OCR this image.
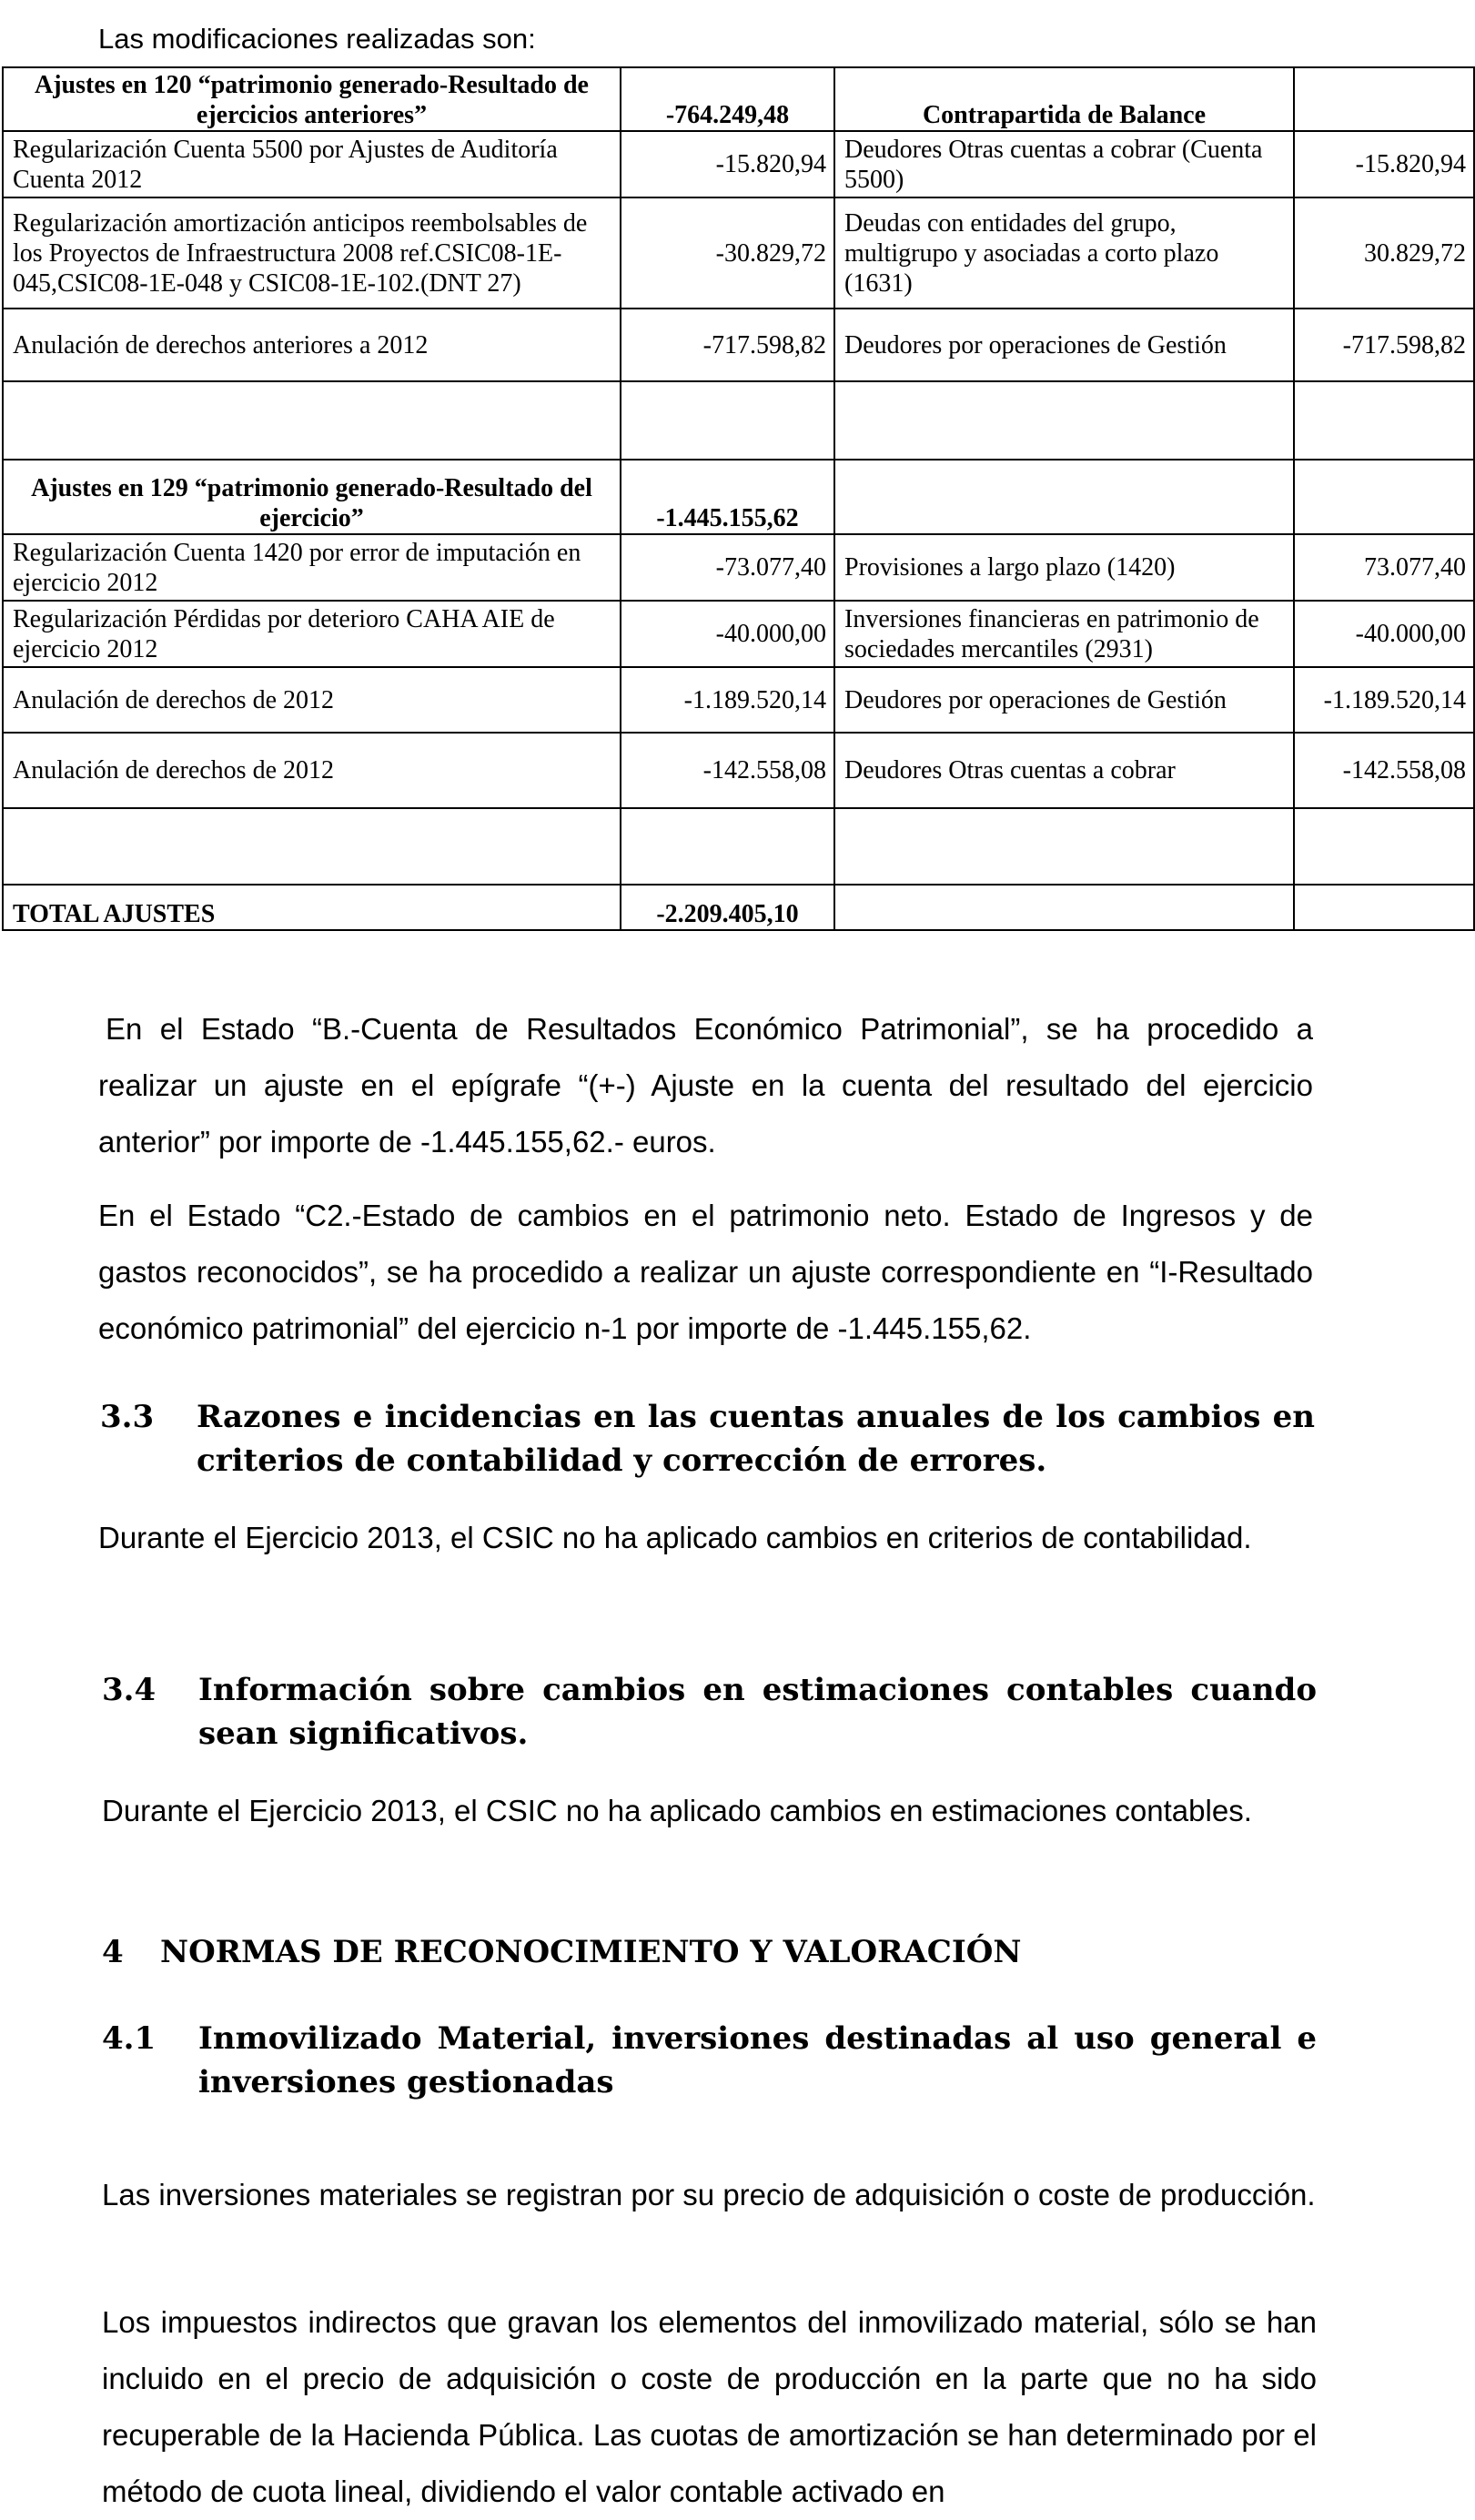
Las modificaciones realizadas son:

Ajustes en 120 “patrimonio generado-Resultado de ejercicios anteriores”	-764.249,48	Contrapartida de Balance	
Regularización Cuenta 5500 por Ajustes de Auditoría Cuenta 2012	-15.820,94	Deudores Otras cuentas a cobrar (Cuenta 5500)	-15.820,94
Regularización amortización anticipos reembolsables de los Proyectos de Infraestructura 2008 ref.CSIC08-1E-045,CSIC08-1E-048 y CSIC08-1E-102.(DNT 27)	-30.829,72	Deudas con entidades del grupo, multigrupo y asociadas a corto plazo (1631)	30.829,72
Anulación de derechos anteriores a 2012	-717.598,82	Deudores por operaciones de Gestión	-717.598,82

Ajustes en 129 “patrimonio generado-Resultado del ejercicio”	-1.445.155,62		
Regularización Cuenta 1420 por error de imputación en ejercicio 2012	-73.077,40	Provisiones a largo plazo (1420)	73.077,40
Regularización Pérdidas por deterioro CAHA AIE de ejercicio 2012	-40.000,00	Inversiones financieras en patrimonio de sociedades mercantiles (2931)	-40.000,00
Anulación de derechos de 2012	-1.189.520,14	Deudores por operaciones de Gestión	-1.189.520,14
Anulación de derechos de 2012	-142.558,08	Deudores Otras cuentas a cobrar	-142.558,08

TOTAL AJUSTES	-2.209.405,10		

En el Estado “B.-Cuenta de Resultados Económico Patrimonial”, se ha procedido a realizar un ajuste en el epígrafe “(+-) Ajuste en la cuenta del resultado del ejercicio anterior” por importe de -1.445.155,62.- euros.

En el Estado “C2.-Estado de cambios en el patrimonio neto. Estado de Ingresos y de gastos reconocidos”, se ha procedido a realizar un ajuste correspondiente en “I-Resultado económico patrimonial” del ejercicio n-1 por importe de -1.445.155,62.

3.3	Razones e incidencias en las cuentas anuales de los cambios en criterios de contabilidad y corrección de errores.

Durante el Ejercicio 2013, el CSIC no ha aplicado cambios en criterios de contabilidad.

3.4	Información sobre cambios en estimaciones contables cuando sean significativos.

Durante el Ejercicio 2013, el CSIC no ha aplicado cambios en estimaciones contables.

4	NORMAS DE RECONOCIMIENTO Y VALORACIÓN
4.1	Inmovilizado Material, inversiones destinadas al uso general e inversiones gestionadas

Las inversiones materiales se registran por su precio de adquisición o coste de producción.

Los impuestos indirectos que gravan los elementos del inmovilizado material, sólo se han incluido en el precio de adquisición o coste de producción en la parte que no ha sido recuperable de la Hacienda Pública. Las cuotas de amortización se han determinado por el método de cuota lineal, dividiendo el valor contable activado en
